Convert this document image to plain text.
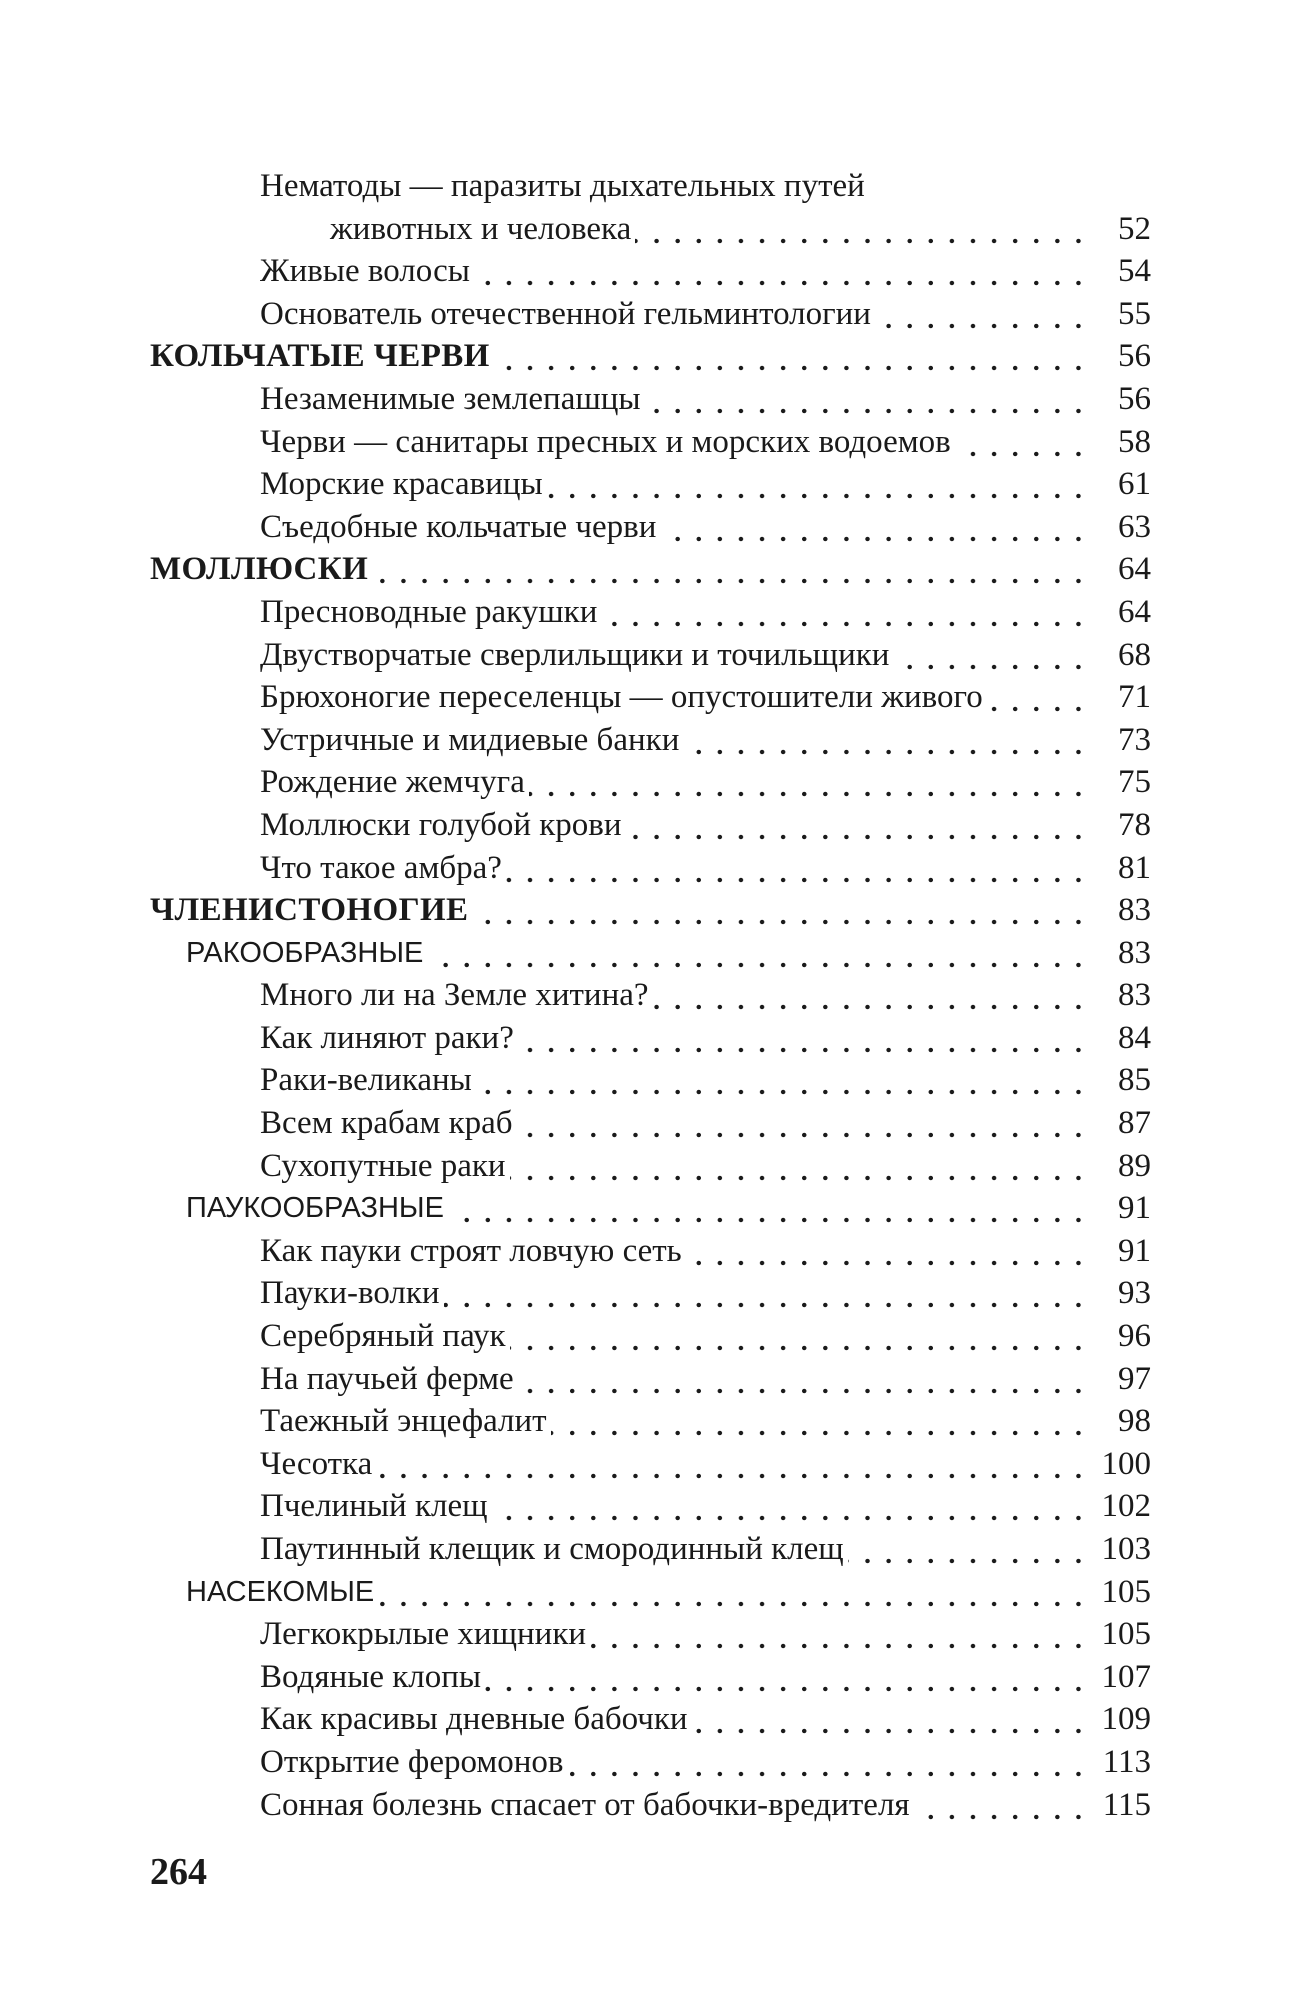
Нематоды — паразиты дыхательных путей
животных и человека	52
Живые волосы	54
Основатель отечественной гельминтологии	55
КОЛЬЧАТЫЕ ЧЕРВИ	56
Незаменимые землепашцы	56
Черви — санитары пресных и морских водоемов	58
Морские красавицы	61
Съедобные кольчатые черви	63
МОЛЛЮСКИ	64
Пресноводные ракушки	64
Двустворчатые сверлильщики и точильщики	68
Брюхоногие переселенцы — опустошители живого	71
Устричные и мидиевые банки	73
Рождение жемчуга	75
Моллюски голубой крови	78
Что такое амбра?	81
ЧЛЕНИСТОНОГИЕ	83
РАКООБРАЗНЫЕ	83
Много ли на Земле хитина?	83
Как линяют раки?	84
Раки-великаны	85
Всем крабам краб	87
Сухопутные раки	89
ПАУКООБРАЗНЫЕ	91
Как пауки строят ловчую сеть	91
Пауки-волки	93
Серебряный паук	96
На паучьей ферме	97
Таежный энцефалит	98
Чесотка	100
Пчелиный клещ	102
Паутинный клещик и смородинный клещ	103
НАСЕКОМЫЕ	105
Легкокрылые хищники	105
Водяные клопы	107
Как красивы дневные бабочки	109
Открытие феромонов	113
Сонная болезнь спасает от бабочки-вредителя	115
264
